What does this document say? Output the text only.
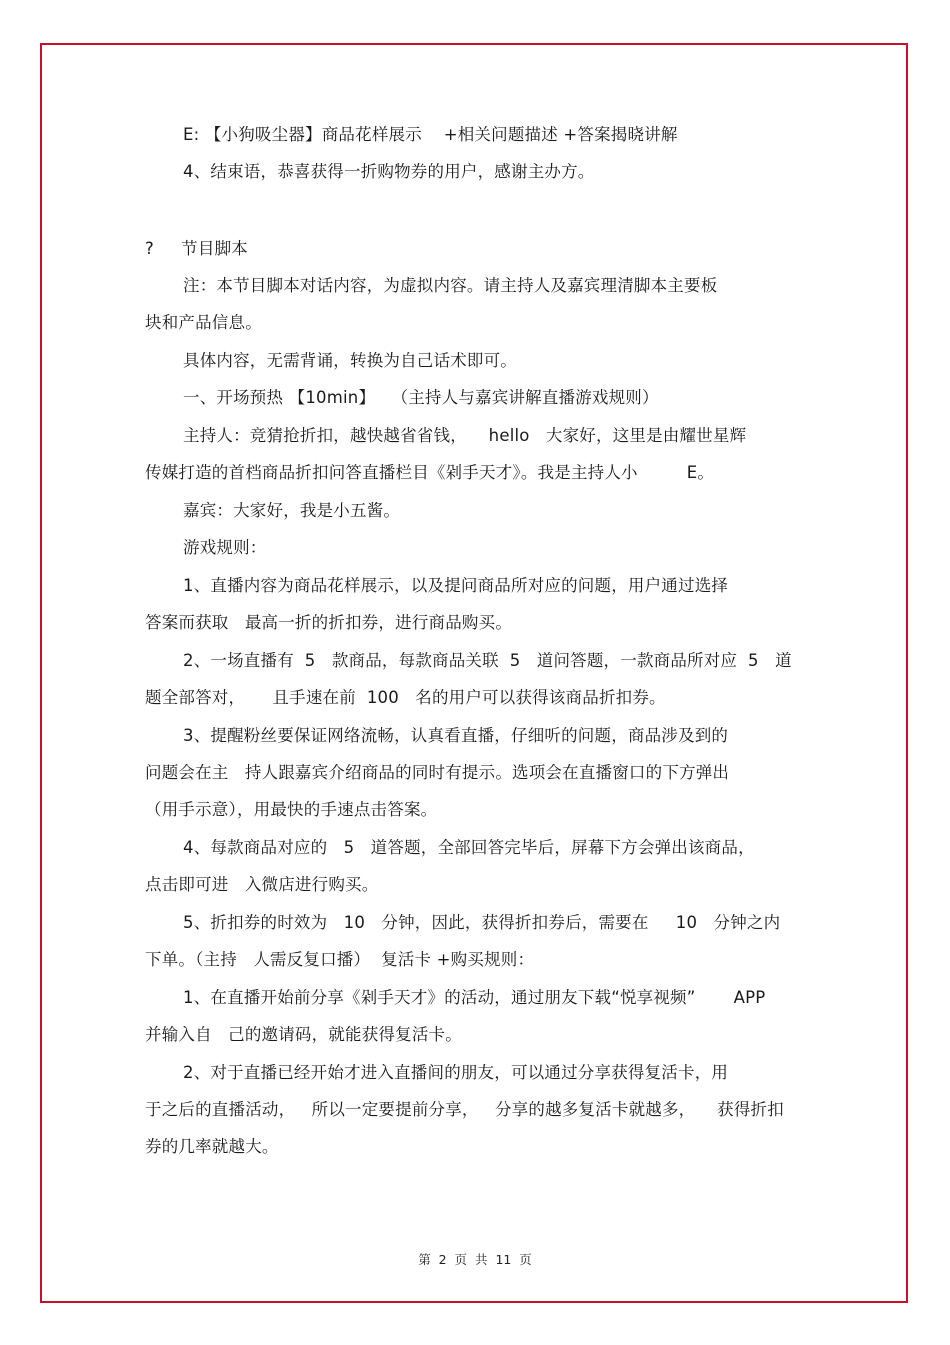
E: 【小狗吸尘器】商品花样展示    +相关问题描述 +答案揭晓讲解
4、结束语，恭喜获得一折购物券的用户，感谢主办方。
?     节目脚本
注：本节目脚本对话内容，为虚拟内容。请主持人及嘉宾理清脚本主要板
块和产品信息。
具体内容，无需背诵，转换为自己话术即可。
一、开场预热 【10min】   （主持人与嘉宾讲解直播游戏规则）
主持人：竞猜抢折扣，越快越省省钱，    hello   大家好，这里是由耀世星辉
传媒打造的首档商品折扣问答直播栏目《剁手天才》。我是主持人小         E。
嘉宾：大家好，我是小五酱。
游戏规则：
1、直播内容为商品花样展示，以及提问商品所对应的问题，用户通过选择
答案而获取   最高一折的折扣券，进行商品购买。
2、一场直播有  5   款商品，每款商品关联  5   道问答题，一款商品所对应  5   道
题全部答对，     且手速在前  100   名的用户可以获得该商品折扣券。
3、提醒粉丝要保证网络流畅，认真看直播，仔细听的问题，商品涉及到的
问题会在主   持人跟嘉宾介绍商品的同时有提示。选项会在直播窗口的下方弹出
（用手示意），用最快的手速点击答案。
4、每款商品对应的   5   道答题，全部回答完毕后，屏幕下方会弹出该商品，
点击即可进   入微店进行购买。
5、折扣券的时效为   10   分钟，因此，获得折扣券后，需要在     10   分钟之内
下单。（主持   人需反复口播）  复活卡 +购买规则：
1、在直播开始前分享《剁手天才》的活动，通过朋友下载“悦享视频”       APP
并输入自   己的邀请码，就能获得复活卡。
2、对于直播已经开始才进入直播间的朋友，可以通过分享获得复活卡，用
于之后的直播活动，   所以一定要提前分享，   分享的越多复活卡就越多，    获得折扣
券的几率就越大。
第  2  页  共  11  页
